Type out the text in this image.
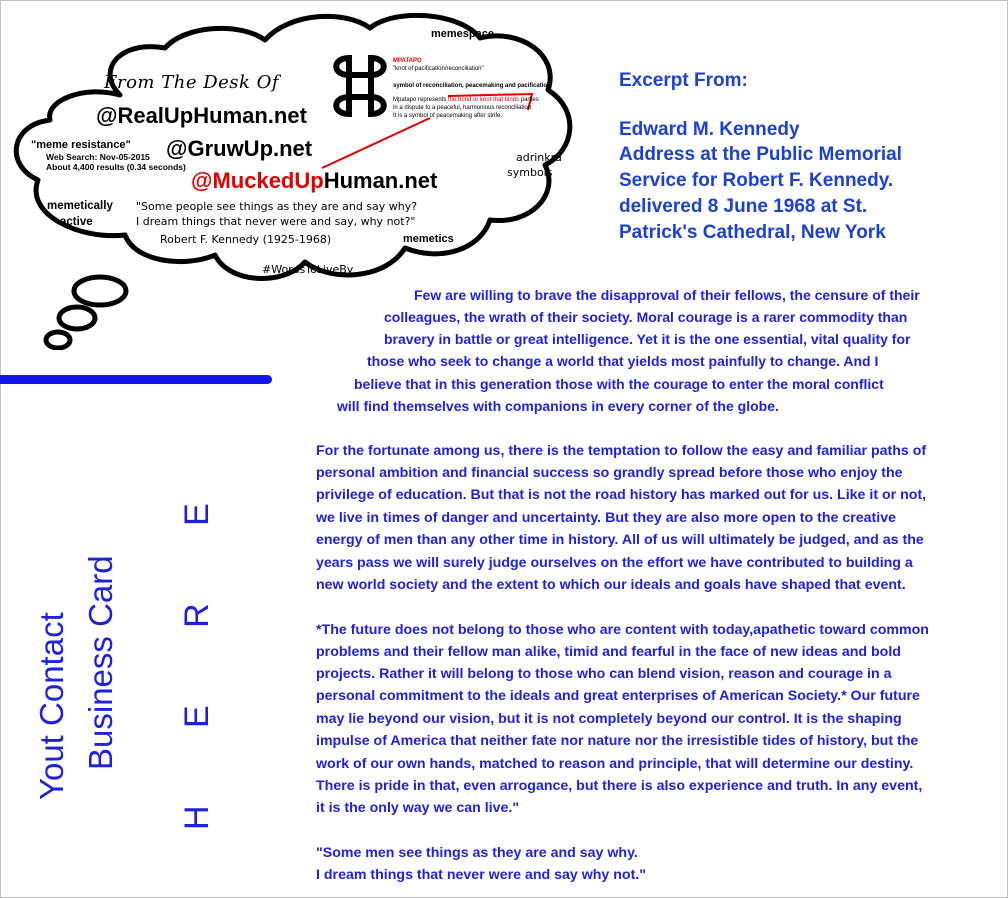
memespace
From The Desk Of
@RealUpHuman.net
@GruwUp.net
@MuckedUpHuman.net
"meme resistance"
Web Search: Nov-05-2015
About 4,400 results (0.34 seconds)
memetically
active
"Some people see things as they are and say why?
I dream things that never were and say, why not?"
Robert F. Kennedy (1925-1968)	memetics
#WordsToLiveBy
adrinkra
symbols
MPATAPO
"knot of pacification/reconciliation"
symbol of reconciliation, peacemaking and pacification
Mpatapo represents the bond or knot that binds parties
in a dispute to a peaceful, harmonious reconciliation.
It is a symbol of peacemaking after strife.
Excerpt From:
Edward M. Kennedy
Address at the Public Memorial
Service for Robert F. Kennedy.
delivered 8 June 1968 at St.
Patrick's Cathedral, New York
Few are willing to brave the disapproval of their fellows, the censure of their
colleagues, the wrath of their society. Moral courage is a rarer commodity than
bravery in battle or great intelligence. Yet it is the one essential, vital quality for
those who seek to change a world that yields most painfully to change. And I
believe that in this generation those with the courage to enter the moral conflict
will find themselves with companions in every corner of the globe.
For the fortunate among us, there is the temptation to follow the easy and familiar paths of
personal ambition and financial success so grandly spread before those who enjoy the
privilege of education. But that is not the road history has marked out for us. Like it or not,
we live in times of danger and uncertainty. But they are also more open to the creative
energy of men than any other time in history. All of us will ultimately be judged, and as the
years pass we will surely judge ourselves on the effort we have contributed to building a
new world society and the extent to which our ideals and goals have shaped that event.
*The future does not belong to those who are content with today,apathetic toward common
problems and their fellow man alike, timid and fearful in the face of new ideas and bold
projects. Rather it will belong to those who can blend vision, reason and courage in a
personal commitment to the ideals and great enterprises of American Society.* Our future
may lie beyond our vision, but it is not completely beyond our control. It is the shaping
impulse of America that neither fate nor nature nor the irresistible tides of history, but the
work of our own hands, matched to reason and principle, that will determine our destiny.
There is pride in that, even arrogance, but there is also experience and truth. In any event,
it is the only way we can live."
"Some men see things as they are and say why.
I dream things that never were and say why not."
Yout Contact Business Card H E R E
